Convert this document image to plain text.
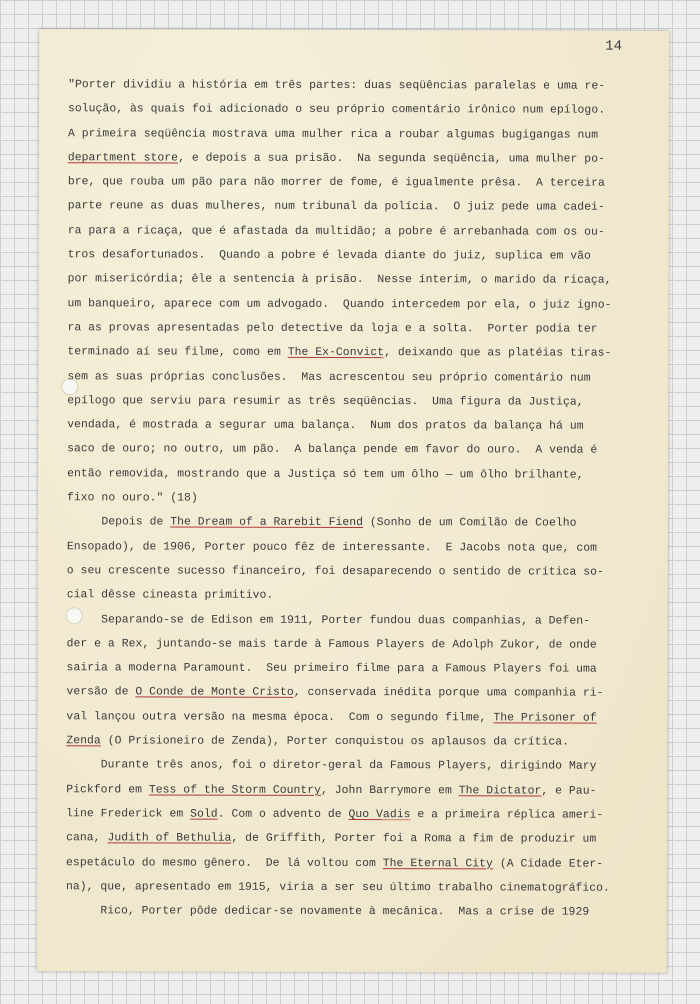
14
"Porter dividiu a história em três partes: duas seqüências paralelas e uma re-
solução, às quais foi adicionado o seu próprio comentário irônico num epílogo.
A primeira seqüência mostrava uma mulher rica a roubar algumas bugigangas num
department store, e depois a sua prisão.  Na segunda seqüência, uma mulher po-
bre, que rouba um pão para não morrer de fome, é igualmente prêsa.  A terceira
parte reune as duas mulheres, num tribunal da polícia.  O juiz pede uma cadei-
ra para a ricaça, que é afastada da multidão; a pobre é arrebanhada com os ou-
tros desafortunados.  Quando a pobre é levada diante do juiz, suplica em vão
por misericórdia; êle a sentencia à prisão.  Nesse ínterim, o marido da ricaça,
um banqueiro, aparece com um advogado.  Quando intercedem por ela, o juiz igno-
ra as provas apresentadas pelo detective da loja e a solta.  Porter podia ter
terminado aí seu filme, como em The Ex-Convict, deixando que as platéias tiras-
sem as suas próprias conclusões.  Mas acrescentou seu próprio comentário num
epílogo que serviu para resumir as três seqüências.  Uma figura da Justiça,
vendada, é mostrada a segurar uma balança.  Num dos pratos da balança há um
saco de ouro; no outro, um pão.  A balança pende em favor do ouro.  A venda é
então removida, mostrando que a Justiça só tem um ôlho — um ôlho brilhante,
fixo no ouro." (18)
Depois de The Dream of a Rarebit Fiend (Sonho de um Comilão de Coelho
Ensopado), de 1906, Porter pouco fêz de interessante.  E Jacobs nota que, com
o seu crescente sucesso financeiro, foi desaparecendo o sentido de crítica so-
cial dêsse cineasta primitivo.
Separando-se de Edison em 1911, Porter fundou duas companhias, a Defen-
der e a Rex, juntando-se mais tarde à Famous Players de Adolph Zukor, de onde
sairia a moderna Paramount.  Seu primeiro filme para a Famous Players foi uma
versão de O Conde de Monte Cristo, conservada inédita porque uma companhia ri-
val lançou outra versão na mesma época.  Com o segundo filme, The Prisoner of
Zenda (O Prisioneiro de Zenda), Porter conquistou os aplausos da crítica.
Durante três anos, foi o diretor-geral da Famous Players, dirigindo Mary
Pickford em Tess of the Storm Country, John Barrymore em The Dictator, e Pau-
line Frederick em Sold. Com o advento de Quo Vadis e a primeira réplica ameri-
cana, Judith of Bethulia, de Griffith, Porter foi a Roma a fim de produzir um
espetáculo do mesmo gênero.  De lá voltou com The Eternal City (A Cidade Eter-
na), que, apresentado em 1915, viria a ser seu último trabalho cinematográfico.
Rico, Porter pôde dedicar-se novamente à mecânica.  Mas a crise de 1929
